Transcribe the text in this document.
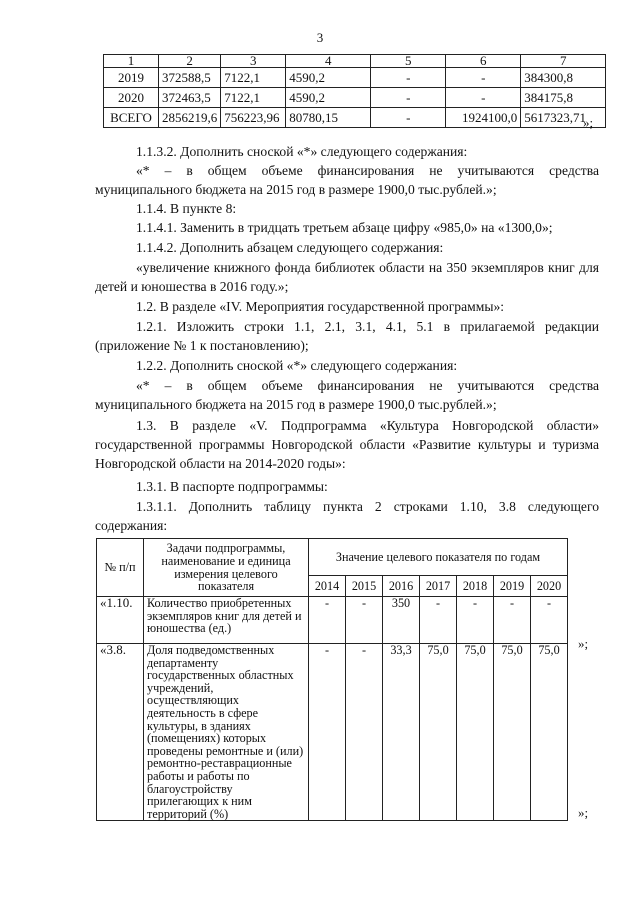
3
1	2	3	4	5	6	7
2019	372588,5	7122,1	4590,2	-	-	384300,8
2020	372463,5	7122,1	4590,2	-	-	384175,8
ВСЕГО	2856219,6	756223,96	80780,15	-	1924100,0	5617323,71
»;
1.1.3.2. Дополнить сноской «*» следующего содержания:
«* – в общем объеме финансирования не учитываются средства муниципального бюджета на 2015 год в размере 1900,0 тыс.рублей.»;
1.1.4. В пункте 8:
1.1.4.1. Заменить в тридцать третьем абзаце цифру «985,0» на «1300,0»;
1.1.4.2. Дополнить абзацем следующего содержания:
«увеличение книжного фонда библиотек области на 350 экземпляров книг для детей и юношества в 2016 году.»;
1.2. В разделе «IV. Мероприятия государственной программы»:
1.2.1. Изложить строки 1.1, 2.1, 3.1, 4.1, 5.1 в прилагаемой редакции (приложение № 1 к постановлению);
1.2.2. Дополнить сноской «*» следующего содержания:
«* – в общем объеме финансирования не учитываются средства муниципального бюджета на 2015 год в размере 1900,0 тыс.рублей.»;
1.3. В разделе «V. Подпрограмма «Культура Новгородской области» государственной программы Новгородской области «Развитие культуры и туризма Новгородской области на 2014-2020 годы»:
1.3.1. В паспорте подпрограммы:
1.3.1.1. Дополнить таблицу пункта 2 строками 1.10, 3.8 следующего содержания:
№ п/п	Задачи подпрограммы, наименование и единица измерения целевого показателя	Значение целевого показателя по годам						
		2014	2015	2016	2017	2018	2019	2020
«1.10.	Количество приобретенных экземпляров книг для детей и юношества (ед.)	-	-	350	-	-	-	-
«3.8.	Доля подведомственных департаменту государственных областных учреждений, осуществляющих деятельность в сфере культуры, в зданиях (помещениях) которых проведены ремонтные и (или) ремонтно-реставрационные работы и работы по благоустройству прилегающих к ним территорий (%)	-	-	33,3	75,0	75,0	75,0	75,0 »;
»;
